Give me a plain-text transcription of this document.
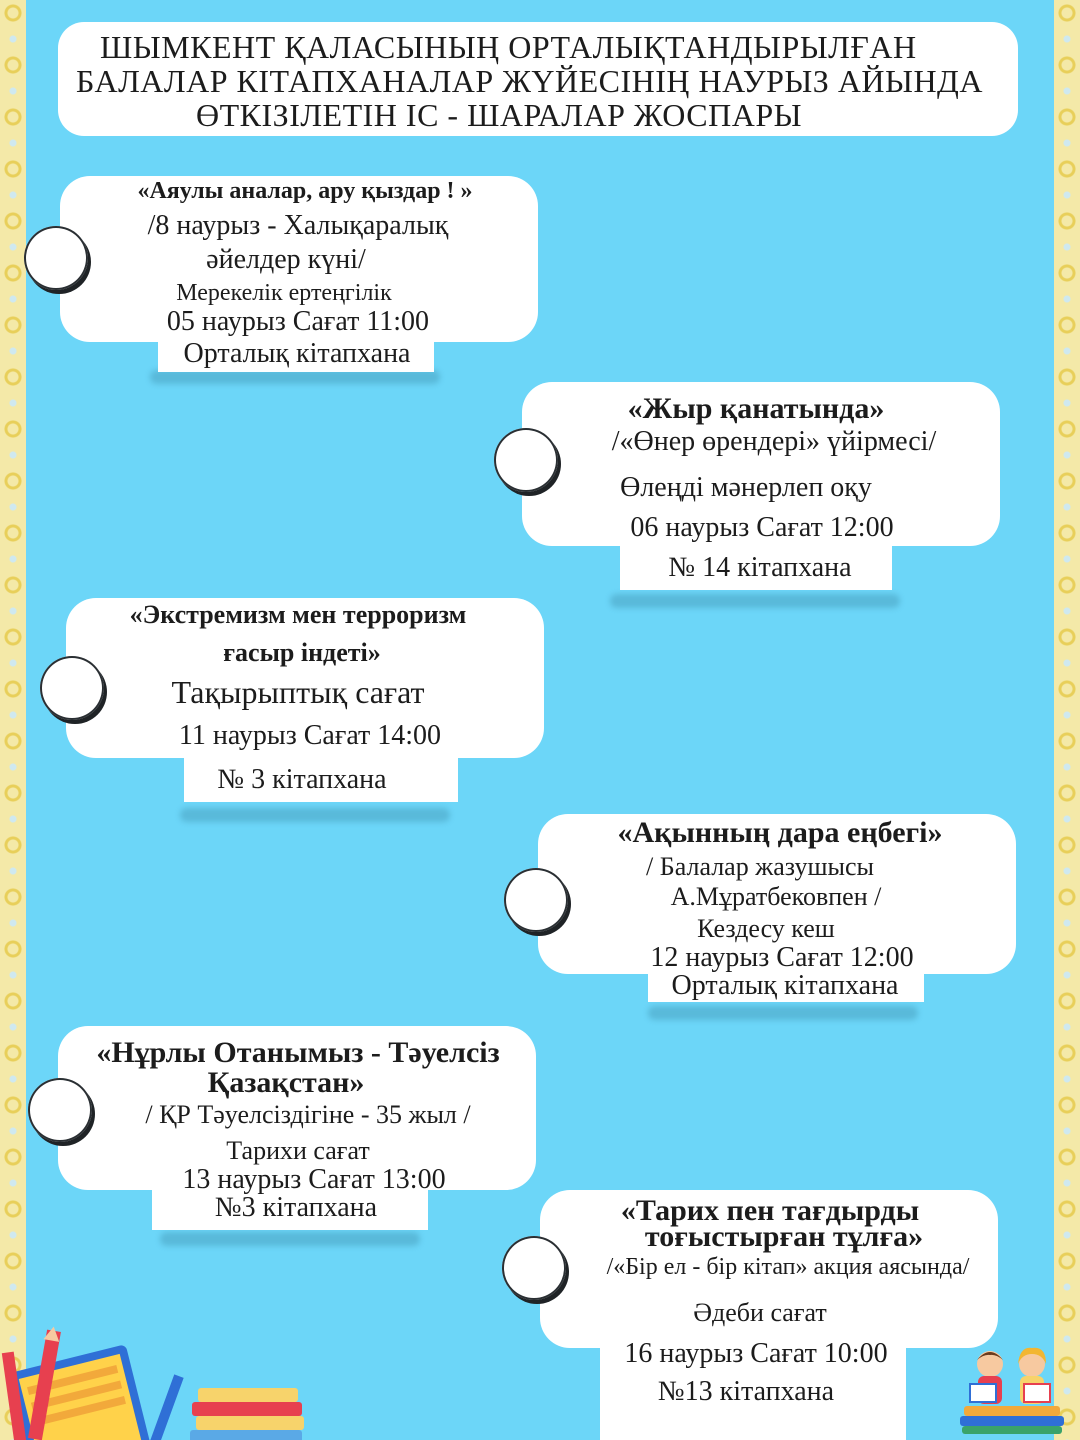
ШЫМКЕНТ ҚАЛАСЫНЫҢ ОРТАЛЫҚТАНДЫРЫЛҒАН
БАЛАЛАР КІТАПХАНАЛАР ЖҮЙЕСІНІҢ НАУРЫЗ АЙЫНДА
ӨТКІЗІЛЕТІН ІС - ШАРАЛАР ЖОСПАРЫ
«Аяулы аналар, ару қыздар ! »
/8 наурыз - Халықаралық
әйелдер күні/
Мерекелік ертеңгілік
05 наурыз Сағат 11:00
Орталық кітапхана
«Жыр қанатында»
/«Өнер өрендері» үйірмесі/
Өлеңді мәнерлеп оқу
06 наурыз Сағат 12:00
№ 14 кітапхана
«Экстремизм мен терроризм
ғасыр індеті»
Тақырыптық сағат
11 наурыз Сағат 14:00
№ 3 кітапхана
«Ақынның дара еңбегі»
/ Балалар жазушысы
А.Мұратбековпен /
Кездесу кеш
12 наурыз Сағат 12:00
Орталық кітапхана
«Нұрлы Отанымыз - Тәуелсіз
Қазақстан»
/ ҚР Тәуелсіздігіне - 35 жыл /
Тарихи сағат
13 наурыз Сағат 13:00
№3 кітапхана	«Тарих пен тағдырды
тоғыстырған тұлға»
/«Бір ел - бір кітап» акция аясында/
Әдеби сағат
16 наурыз Сағат 10:00
№13 кітапхана
